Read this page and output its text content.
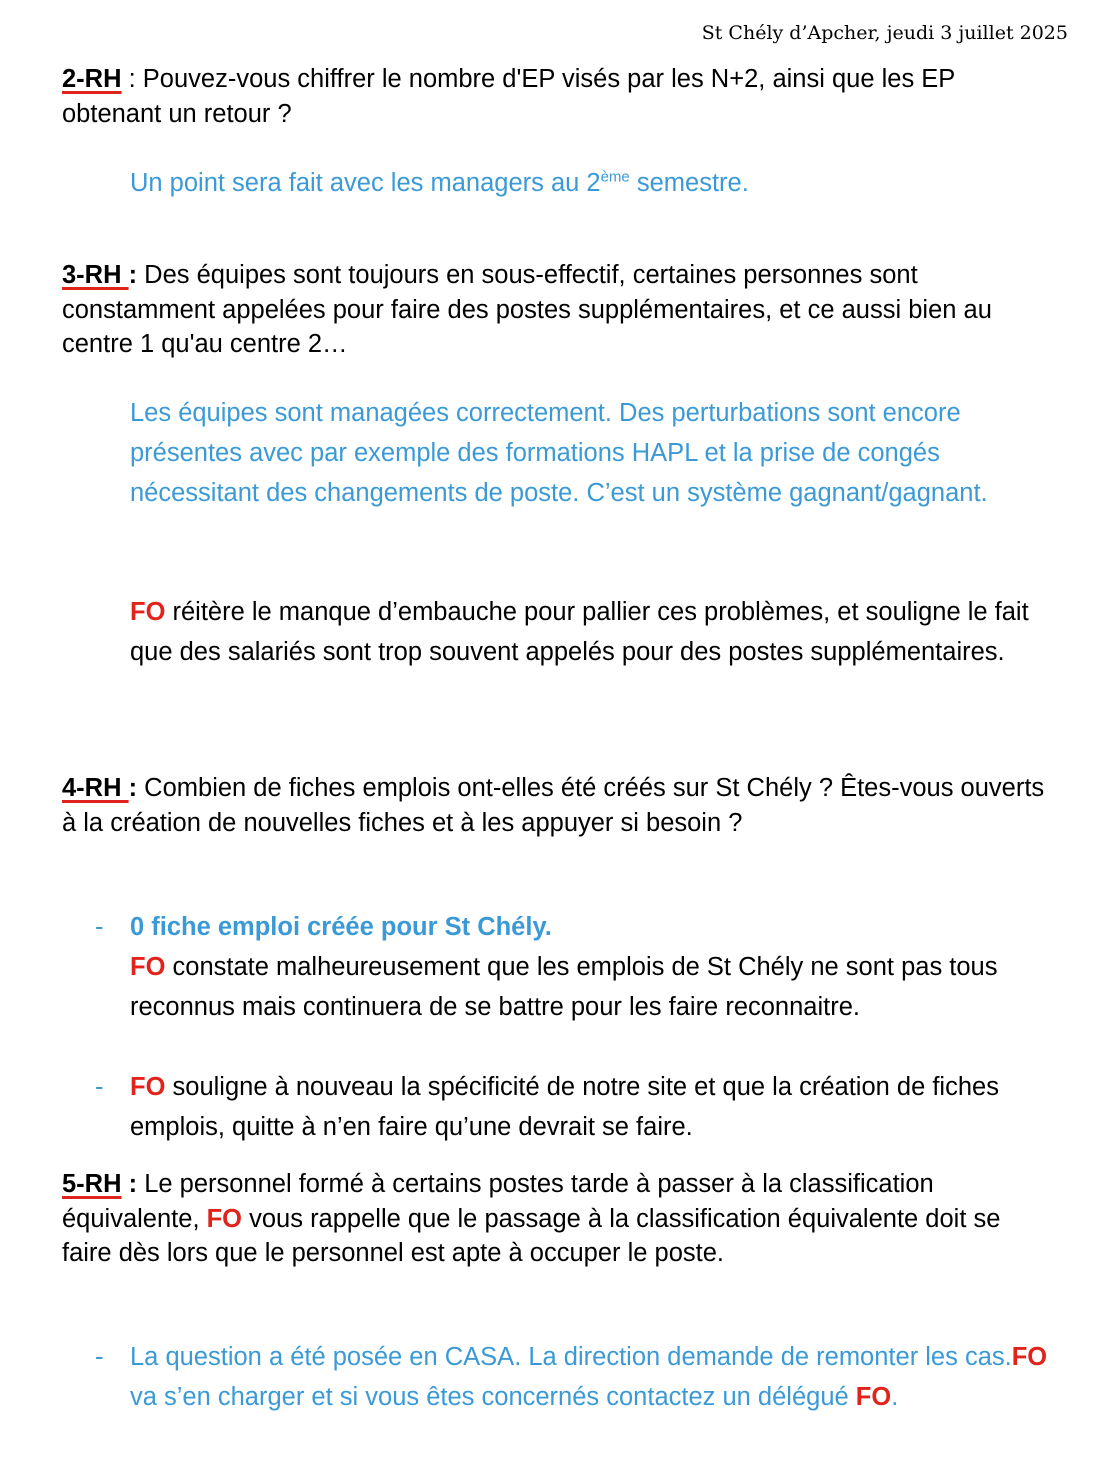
St Chély d’Apcher, jeudi 3 juillet 2025
2-RH : Pouvez-vous chiffrer le nombre d'EP visés par les N+2, ainsi que les EP obtenant un retour ?
Un point sera fait avec les managers au 2ème semestre.
3-RH : Des équipes sont toujours en sous-effectif, certaines personnes sont constamment appelées pour faire des postes supplémentaires, et ce aussi bien au centre 1 qu'au centre 2…
Les équipes sont managées correctement. Des perturbations sont encore présentes avec par exemple des formations HAPL et la prise de congés nécessitant des changements de poste. C’est un système gagnant/gagnant.
FO réitère le manque d’embauche pour pallier ces problèmes, et souligne le fait que des salariés sont trop souvent appelés pour des postes supplémentaires.
4-RH : Combien de fiches emplois ont-elles été créés sur St Chély ? Êtes-vous ouverts à la création de nouvelles fiches et à les appuyer si besoin ?
- 0 fiche emploi créée pour St Chély.
FO constate malheureusement que les emplois de St Chély ne sont pas tous reconnus mais continuera de se battre pour les faire reconnaitre.
- FO souligne à nouveau la spécificité de notre site et que la création de fiches emplois, quitte à n’en faire qu’une devrait se faire.
5-RH : Le personnel formé à certains postes tarde à passer à la classification équivalente, FO vous rappelle que le passage à la classification équivalente doit se faire dès lors que le personnel est apte à occuper le poste.
- La question a été posée en CASA. La direction demande de remonter les cas.FO va s’en charger et si vous êtes concernés contactez un délégué FO.
